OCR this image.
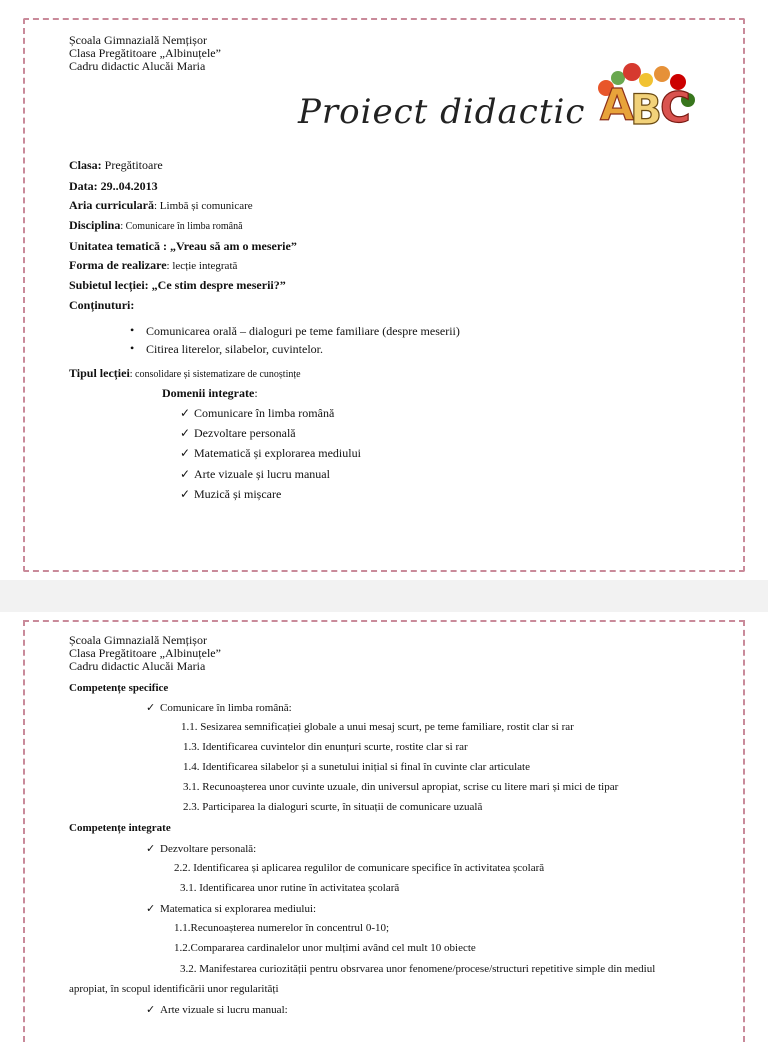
Școala Gimnazială Nemțișor
Clasa Pregătitoare „Albinuțele”
Cadru didactic Alucăi Maria
Proiect didactic A
B
C
Clasa: Pregătitoare
Data: 29..04.2013
Aria curriculară: Limbă și comunicare
Disciplina: Comunicare în limba română
Unitatea tematică : „Vreau să am o meserie”
Forma de realizare: lecție integrată
Subietul lecției: „Ce stim despre meserii?”
Conținuturi:
• Comunicarea orală – dialoguri pe teme familiare (despre meserii)
• Citirea literelor, silabelor, cuvintelor.
Tipul lecției: consolidare și sistematizare de cunoștințe
Domenii integrate:
✓ Comunicare în limba română
✓ Dezvoltare personală
✓ Matematică și explorarea mediului
✓ Arte vizuale și lucru manual
✓ Muzică și mișcare
Școala Gimnazială Nemțișor
Clasa Pregătitoare „Albinuțele”
Cadru didactic Alucăi Maria
Competențe specifice
✓ Comunicare în limba română:
1.1. Sesizarea semnificației globale a unui mesaj scurt, pe teme familiare, rostit clar si rar
1.3. Identificarea cuvintelor din enunțuri scurte, rostite clar si rar
1.4. Identificarea silabelor și a sunetului inițial si final în cuvinte clar articulate
3.1. Recunoașterea unor cuvinte uzuale, din universul apropiat, scrise cu litere mari și mici de tipar
2.3. Participarea la dialoguri scurte, în situații de comunicare uzuală
Competențe integrate
✓ Dezvoltare personală:
2.2. Identificarea și aplicarea regulilor de comunicare specifice în activitatea școlară
3.1. Identificarea unor rutine în activitatea școlară
✓ Matematica si explorarea mediului:
1.1.Recunoașterea numerelor în concentrul 0-10;
1.2.Compararea cardinalelor unor mulțimi având cel mult 10 obiecte
3.2. Manifestarea curiozității pentru obsrvarea unor fenomene/procese/structuri repetitive simple din mediul
apropiat, în scopul identificării unor regularități
✓ Arte vizuale si lucru manual:
